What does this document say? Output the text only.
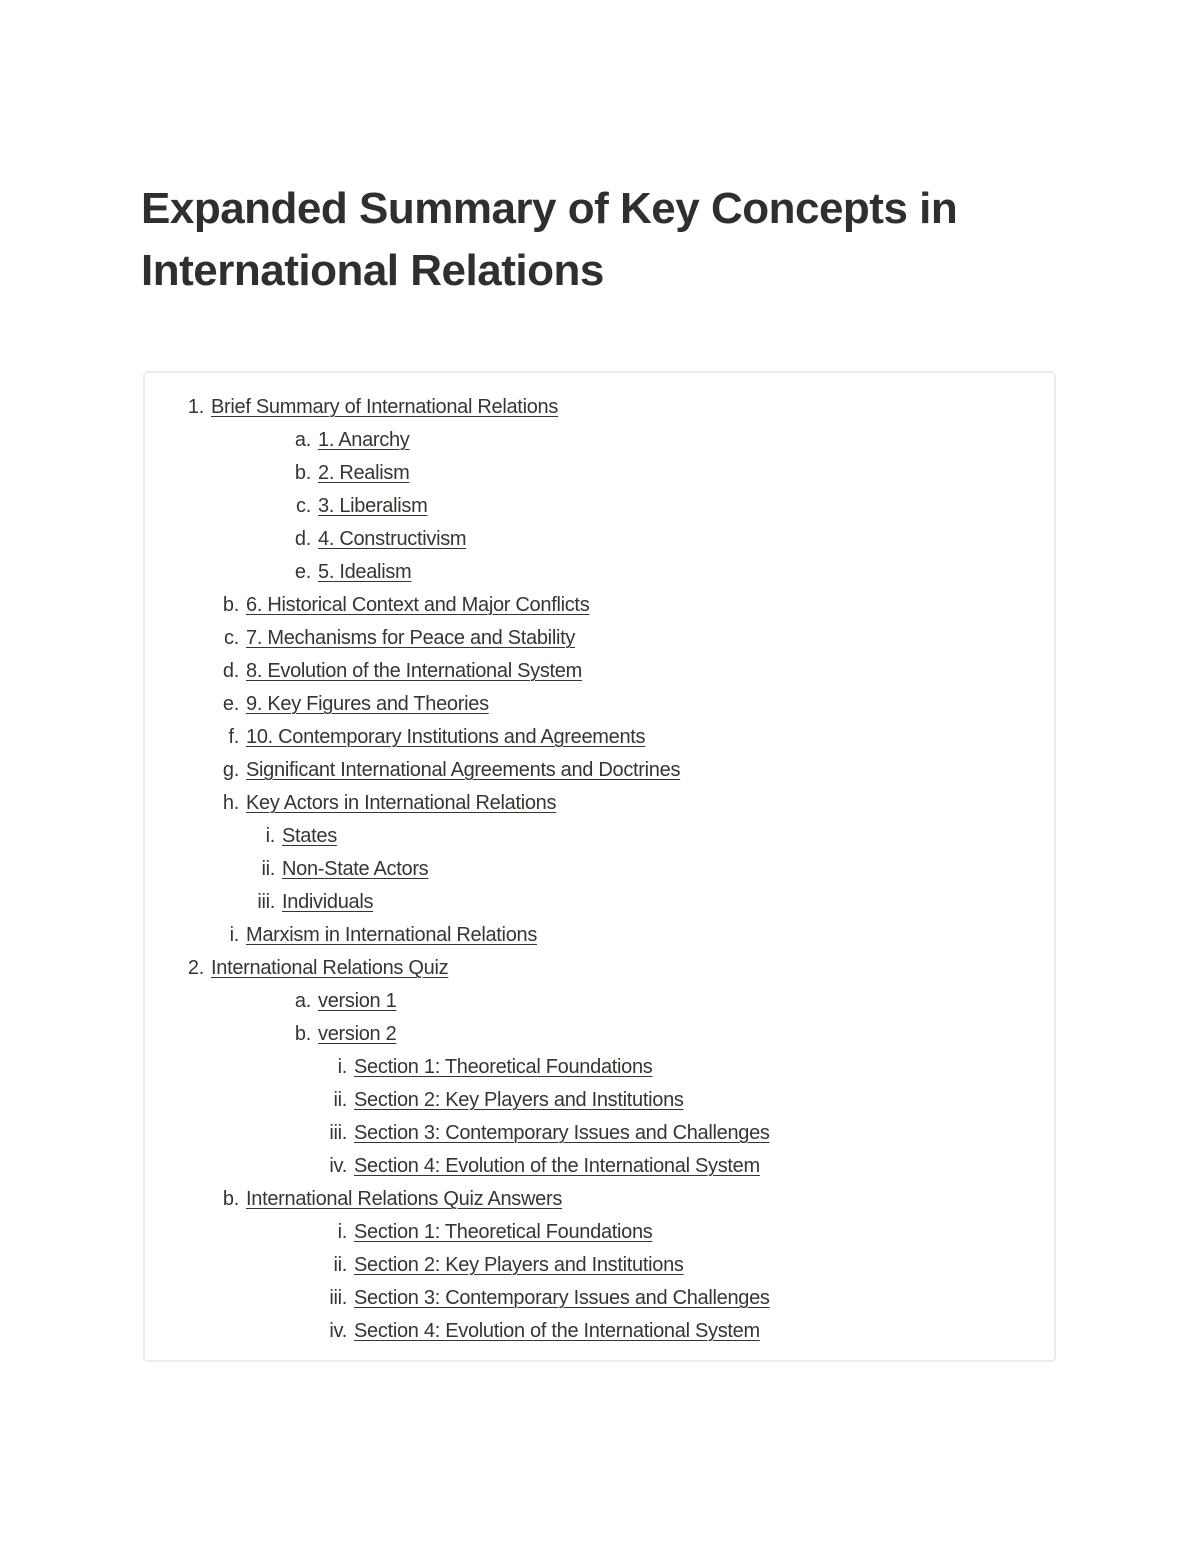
Expanded Summary of Key Concepts in International Relations
1. Brief Summary of International Relations
a. 1. Anarchy
b. 2. Realism
c. 3. Liberalism
d. 4. Constructivism
e. 5. Idealism
b. 6. Historical Context and Major Conflicts
c. 7. Mechanisms for Peace and Stability
d. 8. Evolution of the International System
e. 9. Key Figures and Theories
f. 10. Contemporary Institutions and Agreements
g. Significant International Agreements and Doctrines
h. Key Actors in International Relations
i. States
ii. Non-State Actors
iii. Individuals
i. Marxism in International Relations
2. International Relations Quiz
a. version 1
b. version 2
i. Section 1: Theoretical Foundations
ii. Section 2: Key Players and Institutions
iii. Section 3: Contemporary Issues and Challenges
iv. Section 4: Evolution of the International System
b. International Relations Quiz Answers
i. Section 1: Theoretical Foundations
ii. Section 2: Key Players and Institutions
iii. Section 3: Contemporary Issues and Challenges
iv. Section 4: Evolution of the International System
